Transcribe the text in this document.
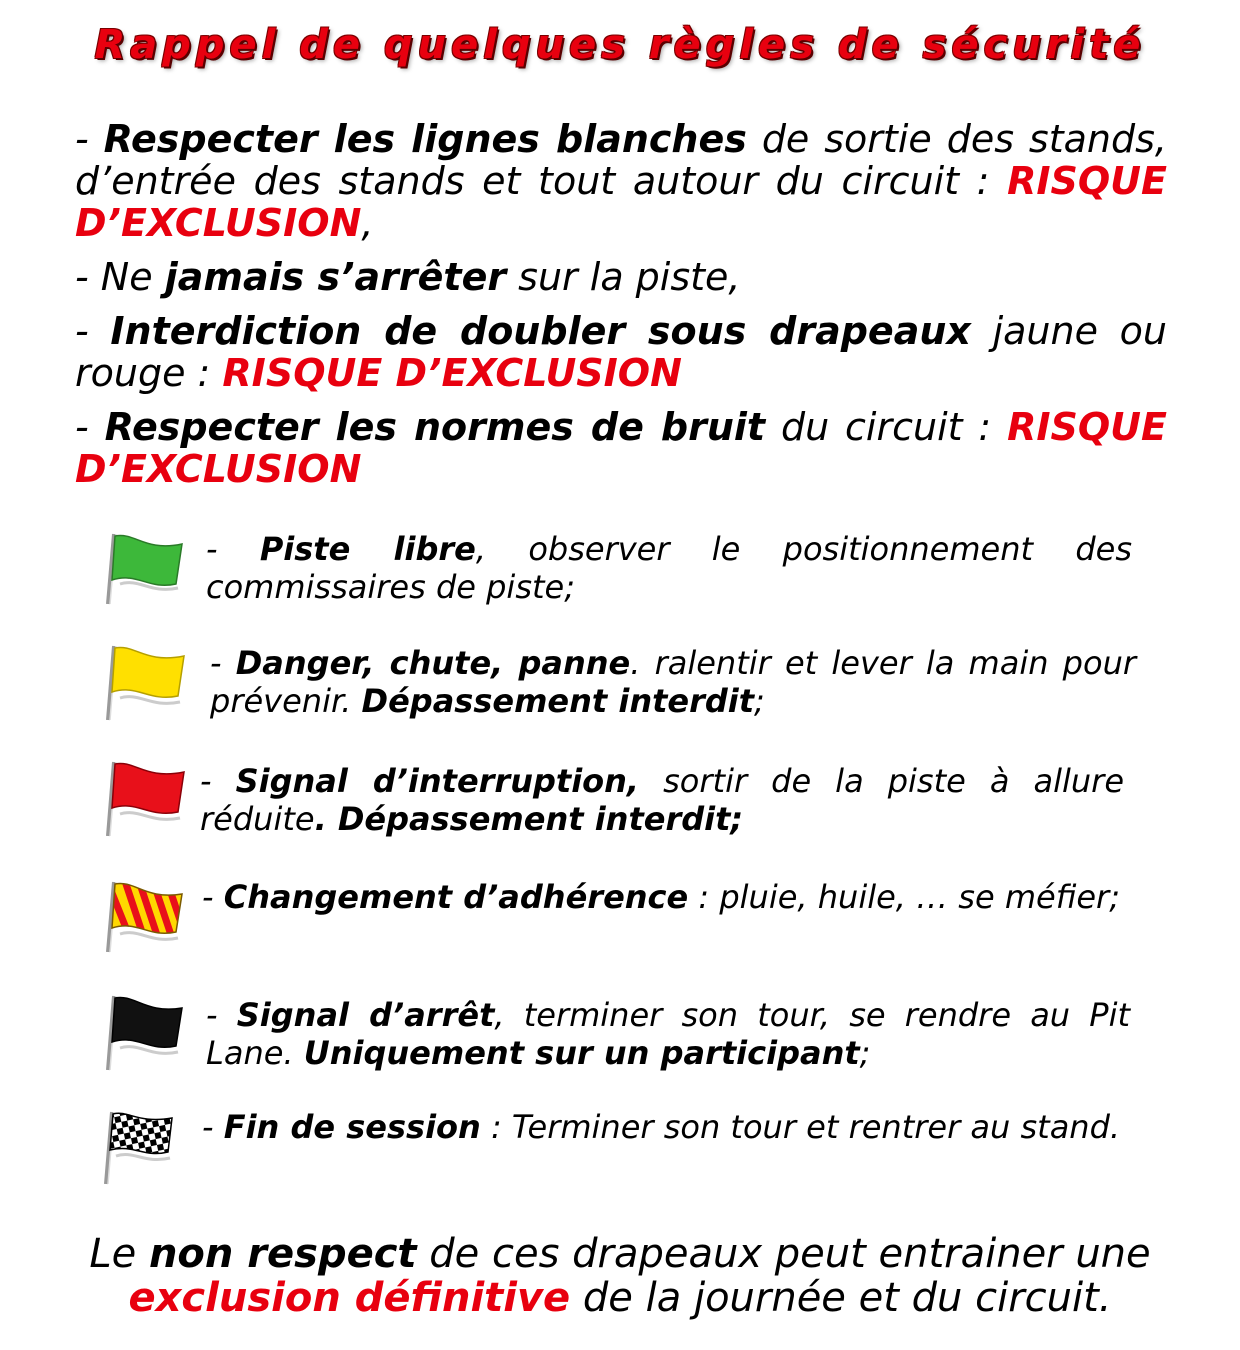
Rappel de quelques règles de sécurité

- Respecter les lignes blanches de sortie des stands, d’entrée des stands et tout autour du circuit : RISQUE D’EXCLUSION,

- Ne jamais s’arrêter sur la piste,

- Interdiction de doubler sous drapeaux jaune ou rouge : RISQUE D’EXCLUSION

- Respecter les normes de bruit du circuit : RISQUE D’EXCLUSION

- Piste libre, observer le positionnement des commissaires de piste;
- Danger, chute, panne. ralentir et lever la main pour prévenir. Dépassement interdit;
- Signal d’interruption, sortir de la piste à allure réduite. Dépassement interdit;
- Changement d’adhérence : pluie, huile, … se méfier;
- Signal d’arrêt, terminer son tour, se rendre au Pit Lane. Uniquement sur un participant;
- Fin de session : Terminer son tour et rentrer au stand.
Le non respect de ces drapeaux peut entrainer une
exclusion définitive de la journée et du circuit.
